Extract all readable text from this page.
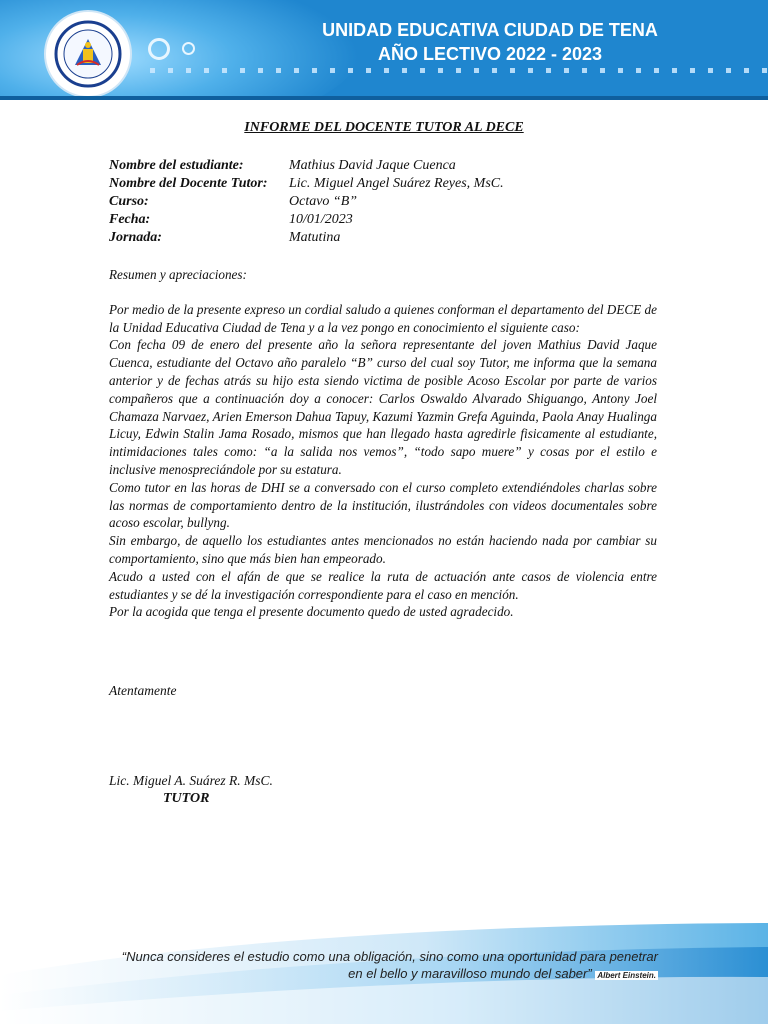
UNIDAD EDUCATIVA CIUDAD DE TENA
AÑO LECTIVO 2022 - 2023
INFORME DEL DOCENTE TUTOR AL DECE
Nombre del estudiante:	Mathius David Jaque Cuenca
Nombre del Docente Tutor: Lic. Miguel Angel Suárez Reyes, MsC.
Curso:	Octavo “B”
Fecha:	10/01/2023
Jornada:	Matutina

Resumen y apreciaciones:

Por medio de la presente expreso un cordial saludo a quienes conforman el departamento del DECE de la Unidad Educativa Ciudad de Tena y a la vez pongo en conocimiento el siguiente caso:

Con fecha 09 de enero del presente año la señora representante del joven Mathius David Jaque Cuenca, estudiante del Octavo año paralelo “B” curso del cual soy Tutor, me informa que la semana anterior y de fechas atrás su hijo esta siendo victima de posible Acoso Escolar por parte de varios compañeros que a continuación doy a conocer: Carlos Oswaldo Alvarado Shiguango, Antony Joel Chamaza Narvaez, Arien Emerson Dahua Tapuy, Kazumi Yazmin Grefa Aguinda, Paola Anay Hualinga Licuy, Edwin Stalin Jama Rosado, mismos que han llegado hasta agredirle fisicamente al estudiante, intimidaciones tales como: “a la salida nos vemos”, “todo sapo muere” y cosas por el estilo e inclusive menospreciándole por su estatura.

Como tutor en las horas de DHI se a conversado con el curso completo extendiéndoles charlas sobre las normas de comportamiento dentro de la institución, ilustrándoles con videos documentales sobre acoso escolar, bullyng.

Sin embargo, de aquello los estudiantes antes mencionados no están haciendo nada por cambiar su comportamiento, sino que más bien han empeorado.

Acudo a usted con el afán de que se realice la ruta de actuación ante casos de violencia entre estudiantes y se dé la investigación correspondiente para el caso en mención.

Por la acogida que tenga el presente documento quedo de usted agradecido.

Atentamente
Lic. Miguel A. Suárez R. MsC.
TUTOR
“Nunca consideres el estudio como una obligación, sino como una oportunidad para penetrar en el bello y maravilloso mundo del saber” Albert Einstein.
